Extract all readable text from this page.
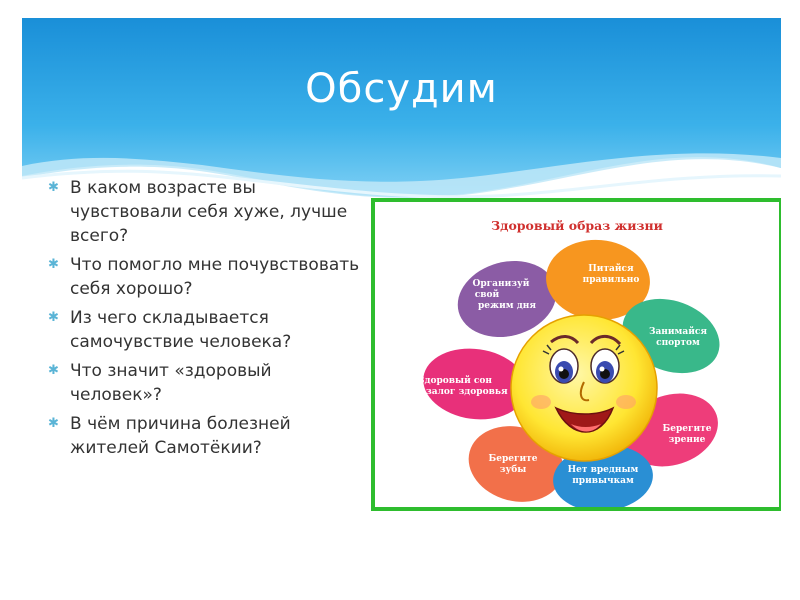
Обсудим
✱ В каком возрасте вы чувствовали себя хуже, лучше всего?
✱ Что помогло мне почувствовать себя хорошо?
✱ Из чего складывается самочувствие человека?
✱ Что значит «здоровый человек»?
✱ В чём причина болезней жителей Самотёкии?
Здоровый образ жизни
Организуй свой режим дня
Питайся правильно
Занимайся спортом
Здоровый сон – залог здоровья
Берегите зрение
Берегите зубы	Нет вредным привычкам
